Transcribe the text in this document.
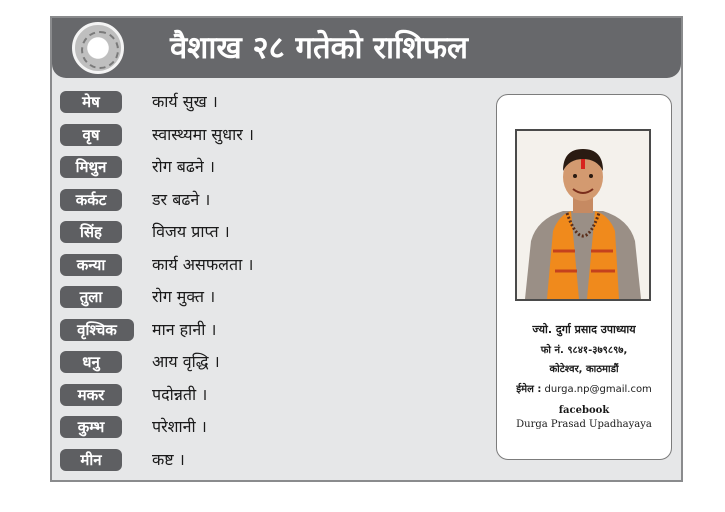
वैशाख २८ गतेको राशिफल
मेष	कार्य सुख ।
वृष	स्वास्थ्यमा सुधार ।
मिथुन	रोग बढने ।
कर्कट	डर बढने ।
सिंह	विजय प्राप्त ।
कन्या	कार्य असफलता ।
तुला	रोग मुक्त ।
वृश्चिक	मान हानी ।
धनु	आय वृद्धि ।
मकर	पदोन्नती ।
कुम्भ	परेशानी ।
मीन	कष्ट ।
ज्यो. दुर्गा प्रसाद उपाध्याय
फो नं. ९८४१-३७९८९७,
कोटेश्वर, काठमाडौं
ईमेल : durga.np@gmail.com
facebook
Durga Prasad Upadhayaya
